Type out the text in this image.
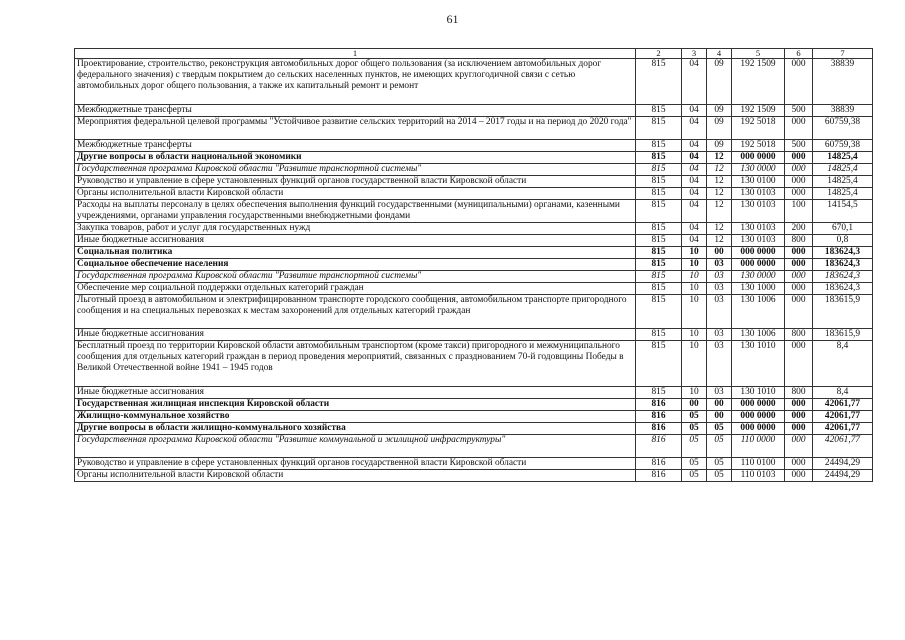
61
1	2	3	4	5	6	7
Проектирование, строительство, реконструкция автомобильных дорог общего пользования (за исключением автомобильных дорог федерального значения) с твердым покрытием до сельских населенных пунктов, не имеющих круглогодичной связи с сетью автомобильных дорог общего пользования, а также их капитальный ремонт и ремонт	815	04	09	192 1509	000	38839
Межбюджетные трансферты	815	04	09	192 1509	500	38839
Мероприятия федеральной целевой программы "Устойчивое развитие сельских территорий на 2014 – 2017 годы и на период до 2020 года"	815	04	09	192 5018	000	60759,38
Межбюджетные трансферты	815	04	09	192 5018	500	60759,38
Другие вопросы в области национальной экономики	815	04	12	000 0000	000	14825,4
Государственная программа Кировской области "Развитие транспортной системы"	815	04	12	130 0000	000	14825,4
Руководство и управление в сфере установленных функций органов государственной власти Кировской области	815	04	12	130 0100	000	14825,4
Органы исполнительной власти Кировской области	815	04	12	130 0103	000	14825,4
Расходы на выплаты персоналу в целях обеспечения выполнения функций государственными (муниципальными) органами, казенными учреждениями, органами управления государственными внебюджетными фондами	815	04	12	130 0103	100	14154,5
Закупка товаров, работ и услуг для государственных нужд	815	04	12	130 0103	200	670,1
Иные бюджетные ассигнования	815	04	12	130 0103	800	0,8
Социальная политика	815	10	00	000 0000	000	183624,3
Социальное обеспечение населения	815	10	03	000 0000	000	183624,3
Государственная программа Кировской области "Развитие транспортной системы"	815	10	03	130 0000	000	183624,3
Обеспечение мер социальной поддержки отдельных категорий граждан	815	10	03	130 1000	000	183624,3
Льготный проезд в автомобильном и электрифицированном транспорте городского сообщения, автомобильном транспорте пригородного сообщения и на специальных перевозках к местам захоронений для отдельных категорий граждан	815	10	03	130 1006	000	183615,9
Иные бюджетные ассигнования	815	10	03	130 1006	800	183615,9
Бесплатный проезд по территории Кировской области автомобильным транспортом (кроме такси) пригородного и межмуниципального сообщения для отдельных категорий граждан в период проведения мероприятий, связанных с празднованием 70-й годовщины Победы в Великой Отечественной войне 1941 – 1945 годов	815	10	03	130 1010	000	8,4
Иные бюджетные ассигнования	815	10	03	130 1010	800	8,4
Государственная жилищная инспекция Кировской области	816	00	00	000 0000	000	42061,77
Жилищно-коммунальное хозяйство	816	05	00	000 0000	000	42061,77
Другие вопросы в области жилищно-коммунального хозяйства	816	05	05	000 0000	000	42061,77
Государственная программа Кировской области "Развитие коммунальной и жилищной инфраструктуры"	816	05	05	110 0000	000	42061,77
Руководство и управление в сфере установленных функций органов государственной власти Кировской области	816	05	05	110 0100	000	24494,29
Органы исполнительной власти Кировской области	816	05	05	110 0103	000	24494,29
